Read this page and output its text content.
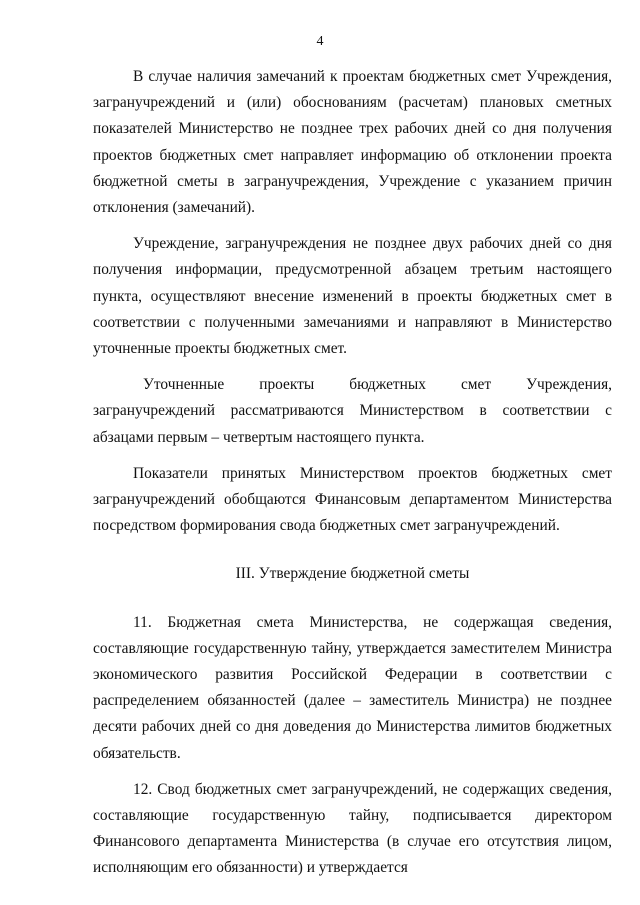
4

В случае наличия замечаний к проектам бюджетных смет Учреждения, загранучреждений и (или) обоснованиям (расчетам) плановых сметных показателей Министерство не позднее трех рабочих дней со дня получения проектов бюджетных смет направляет информацию об отклонении проекта бюджетной сметы в загранучреждения, Учреждение с указанием причин отклонения (замечаний).

Учреждение, загранучреждения не позднее двух рабочих дней со дня получения информации, предусмотренной абзацем третьим настоящего пункта, осуществляют внесение изменений в проекты бюджетных смет в соответствии с полученными замечаниями и направляют в Министерство уточненные проекты бюджетных смет.

Уточненные проекты бюджетных смет Учреждения, загранучреждений рассматриваются Министерством в соответствии с абзацами первым – четвертым настоящего пункта.

Показатели принятых Министерством проектов бюджетных смет загранучреждений обобщаются Финансовым департаментом Министерства посредством формирования свода бюджетных смет загранучреждений.

III. Утверждение бюджетной сметы

11. Бюджетная смета Министерства, не содержащая сведения, составляющие государственную тайну, утверждается заместителем Министра экономического развития Российской Федерации в соответствии с распределением обязанностей (далее – заместитель Министра) не позднее десяти рабочих дней со дня доведения до Министерства лимитов бюджетных обязательств.

12. Свод бюджетных смет загранучреждений, не содержащих сведения, составляющие государственную тайну, подписывается директором Финансового департамента Министерства (в случае его отсутствия лицом, исполняющим его обязанности) и утверждается
